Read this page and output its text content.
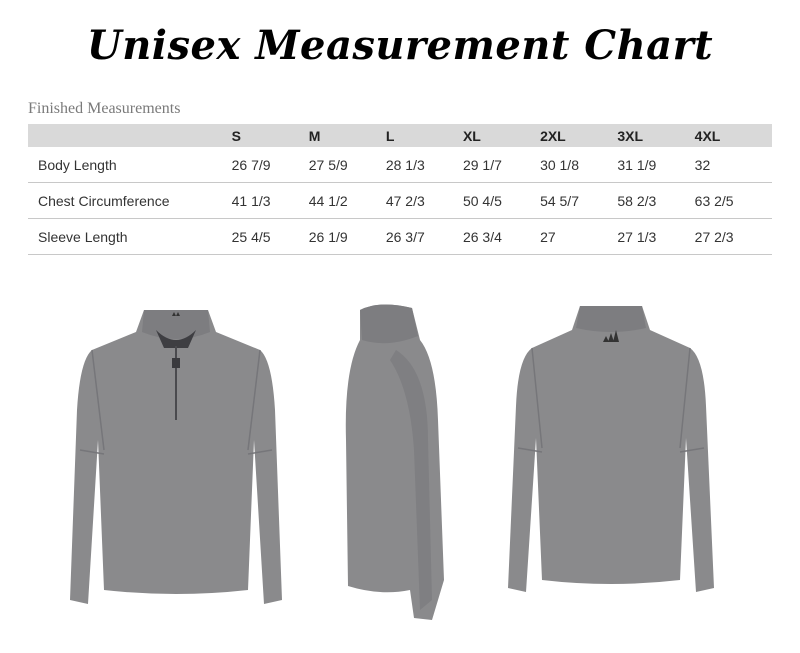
Unisex Measurement Chart
Finished Measurements
	S	M	L	XL	2XL	3XL	4XL
Body Length	26 7/9	27 5/9	28 1/3	29 1/7	30 1/8	31 1/9	32
Chest Circumference	41 1/3	44 1/2	47 2/3	50 4/5	54 5/7	58 2/3	63 2/5
Sleeve Length	25 4/5	26 1/9	26 3/7	26 3/4	27	27 1/3	27 2/3
